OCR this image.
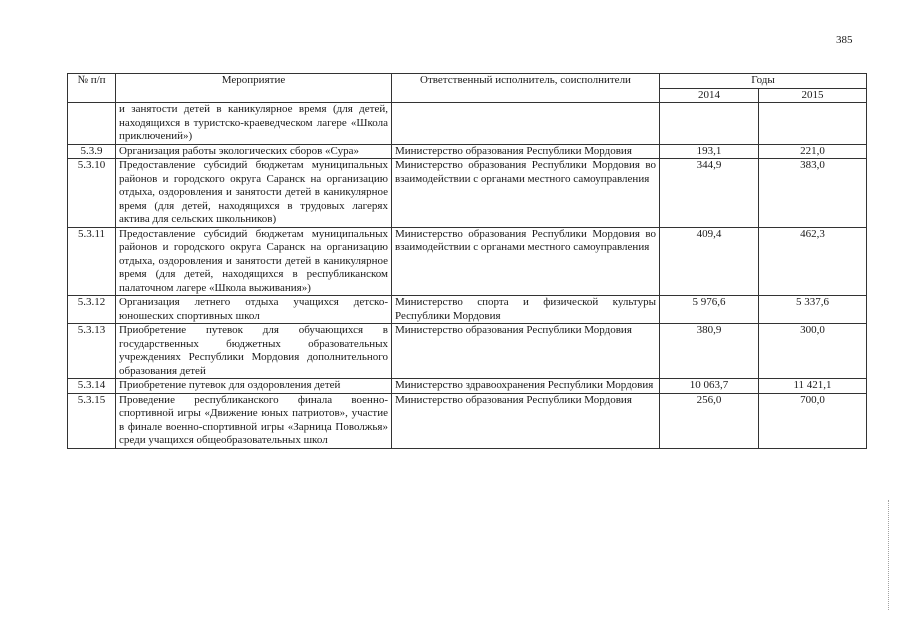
385
№ п/п	Мероприятие	Ответственный исполнитель, соисполнители	Годы	
			2014	2015
	и занятости детей в каникулярное время (для детей, находящихся в туристско-краеведческом лагере «Школа приключений»)			
5.3.9	Организация работы экологических сборов «Сура»	Министерство образования Республики Мордовия	193,1	221,0
5.3.10	Предоставление субсидий бюджетам муниципальных районов и городского округа Саранск на организацию отдыха, оздоровления и занятости детей в каникулярное время (для детей, находящихся в трудовых лагерях актива для сельских школьников)	Министерство образования Республики Мордовия во взаимодействии с органами местного самоуправления	344,9	383,0
5.3.11	Предоставление субсидий бюджетам муниципальных районов и городского округа Саранск на организацию отдыха, оздоровления и занятости детей в каникулярное время (для детей, находящихся в республиканском палаточном лагере «Школа выживания»)	Министерство образования Республики Мордовия во взаимодействии с органами местного самоуправления	409,4	462,3
5.3.12	Организация летнего отдыха учащихся детско-юношеских спортивных школ	Министерство спорта и физической культуры Республики Мордовия	5 976,6	5 337,6
5.3.13	Приобретение путевок для обучающихся в государственных бюджетных образовательных учреждениях Республики Мордовия дополнительного образования детей	Министерство образования Республики Мордовия	380,9	300,0
5.3.14	Приобретение путевок для оздоровления детей	Министерство здравоохранения Республики Мордовия	10 063,7	11 421,1
5.3.15	Проведение республиканского финала военно-спортивной игры «Движение юных патриотов», участие в финале военно-спортивной игры «Зарница Поволжья» среди учащихся общеобразовательных школ	Министерство образования Республики Мордовия	256,0	700,0
